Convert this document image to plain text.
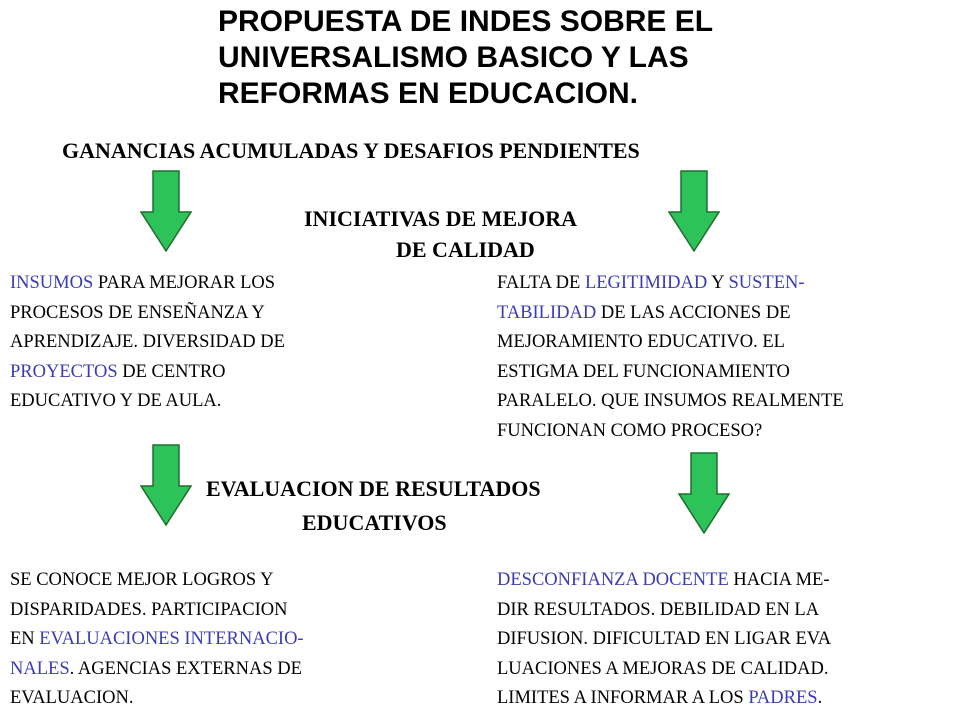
PROPUESTA DE INDES SOBRE EL
UNIVERSALISMO BASICO Y LAS
REFORMAS EN EDUCACION.
GANANCIAS ACUMULADAS Y DESAFIOS PENDIENTES
INICIATIVAS DE MEJORA
DE CALIDAD
INSUMOS PARA MEJORAR LOS
PROCESOS DE ENSEÑANZA Y
APRENDIZAJE. DIVERSIDAD DE
PROYECTOS DE CENTRO
EDUCATIVO Y DE AULA.
FALTA DE LEGITIMIDAD Y SUSTEN-
TABILIDAD DE LAS ACCIONES DE
MEJORAMIENTO EDUCATIVO. EL
ESTIGMA DEL FUNCIONAMIENTO
PARALELO. QUE INSUMOS REALMENTE
FUNCIONAN COMO PROCESO?
EVALUACION DE RESULTADOS
EDUCATIVOS
SE CONOCE MEJOR LOGROS Y
DISPARIDADES. PARTICIPACION
EN EVALUACIONES INTERNACIO-
NALES. AGENCIAS EXTERNAS DE
EVALUACION.
DESCONFIANZA DOCENTE HACIA ME-
DIR RESULTADOS. DEBILIDAD EN LA
DIFUSION. DIFICULTAD EN LIGAR EVA
LUACIONES A MEJORAS DE CALIDAD.
LIMITES A INFORMAR A LOS PADRES.
